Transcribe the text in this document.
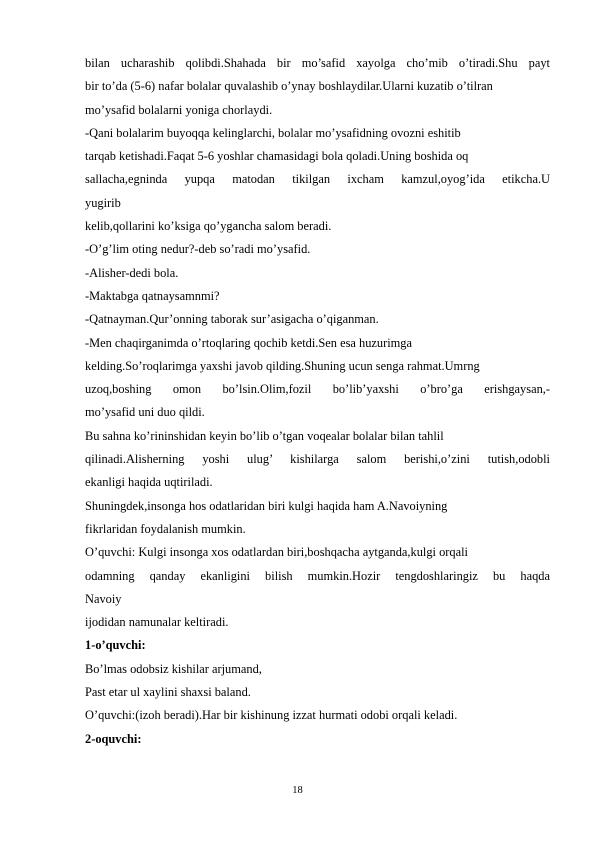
bilan ucharashib qolibdi.Shahada bir mo’safid xayolga cho’mib o’tiradi.Shu payt
bir to’da (5-6) nafar bolalar quvalashib o’ynay boshlaydilar.Ularni kuzatib o’tilran
mo’ysafid bolalarni yoniga chorlaydi.
-Qani bolalarim buyoqqa kelinglarchi, bolalar mo’ysafidning ovozni eshitib
tarqab ketishadi.Faqat 5-6 yoshlar chamasidagi bola qoladi.Uning boshida oq
sallacha,egninda yupqa matodan tikilgan ixcham kamzul,oyog’ida etikcha.U
yugirib
kelib,qollarini ko’ksiga qo’ygancha salom beradi.
-O’g’lim oting nedur?-deb so’radi mo’ysafid.
-Alisher-dedi bola.
-Maktabga qatnaysamnmi?
-Qatnayman.Qur’onning taborak sur’asigacha o’qiganman.
-Men chaqirganimda o’rtoqlaring qochib ketdi.Sen esa huzurimga
kelding.So’roqlarimga yaxshi javob qilding.Shuning ucun senga rahmat.Umrng
uzoq,boshing omon bo’lsin.Olim,fozil bo’lib’yaxshi o’bro’ga erishgaysan,-
mo’ysafid uni duo qildi.
Bu sahna ko’rininshidan keyin bo’lib o’tgan voqealar bolalar bilan tahlil
qilinadi.Alisherning yoshi ulug’ kishilarga salom berishi,o’zini tutish,odobli
ekanligi haqida uqtiriladi.
Shuningdek,insonga hos odatlaridan biri kulgi haqida ham A.Navoiyning
fikrlaridan foydalanish mumkin.
O’quvchi: Kulgi insonga xos odatlardan biri,boshqacha aytganda,kulgi orqali
odamning qanday ekanligini bilish mumkin.Hozir tengdoshlaringiz bu haqda
Navoiy
ijodidan namunalar keltiradi.
1-o’quvchi:
Bo’lmas odobsiz kishilar arjumand,
Past etar ul xaylini shaxsi baland.
O’quvchi:(izoh beradi).Har bir kishinung izzat hurmati odobi orqali keladi.
2-oquvchi:
18
